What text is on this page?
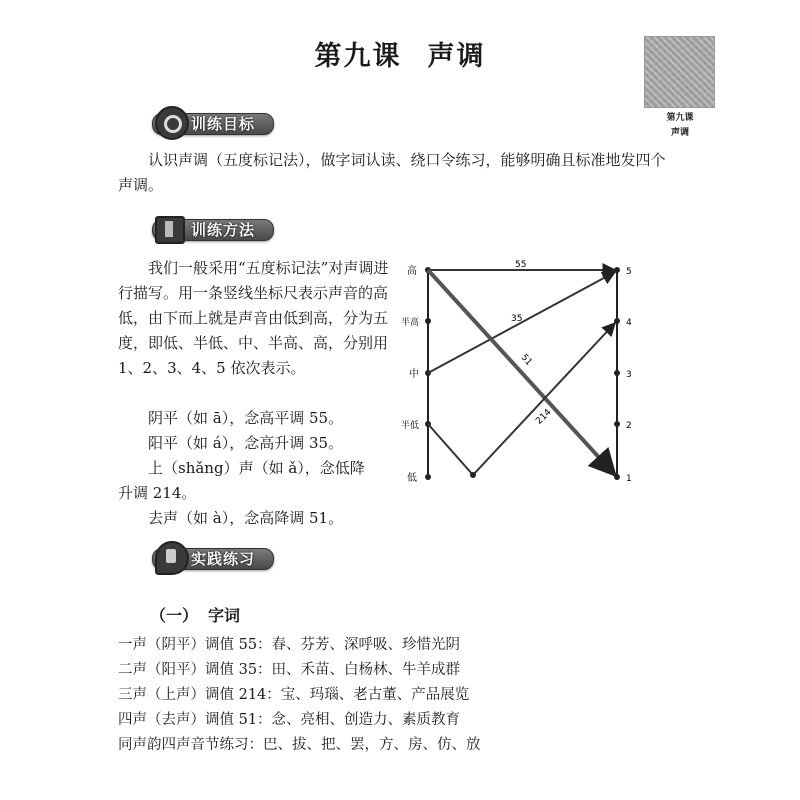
第九课 声调
第九课
声调
训练目标
认识声调（五度标记法），做字词认读、绕口令练习，能够明确且标准地发四个声调。
训练方法
我们一般采用“五度标记法”对声调进行描写。用一条竖线坐标尺表示声音的高低，由下而上就是声音由低到高，分为五度，即低、半低、中、半高、高，分别用 1、2、3、4、5 依次表示。
阴平（如 ā），念高平调 55。
阳平（如 á），念高升调 35。
上（shǎng）声（如 ǎ），念低降
升调 214。
去声（如 à），念高降调 51。
高
半高
中
半低
低
5
4
3
2
1
55
35
51
214
实践练习
（一） 字词
一声（阴平）调值 55：春、芬芳、深呼吸、珍惜光阴
二声（阳平）调值 35：田、禾苗、白杨林、牛羊成群
三声（上声）调值 214：宝、玛瑙、老古董、产品展览
四声（去声）调值 51：念、亮相、创造力、素质教育
同声韵四声音节练习：巴、拔、把、罢，方、房、仿、放
